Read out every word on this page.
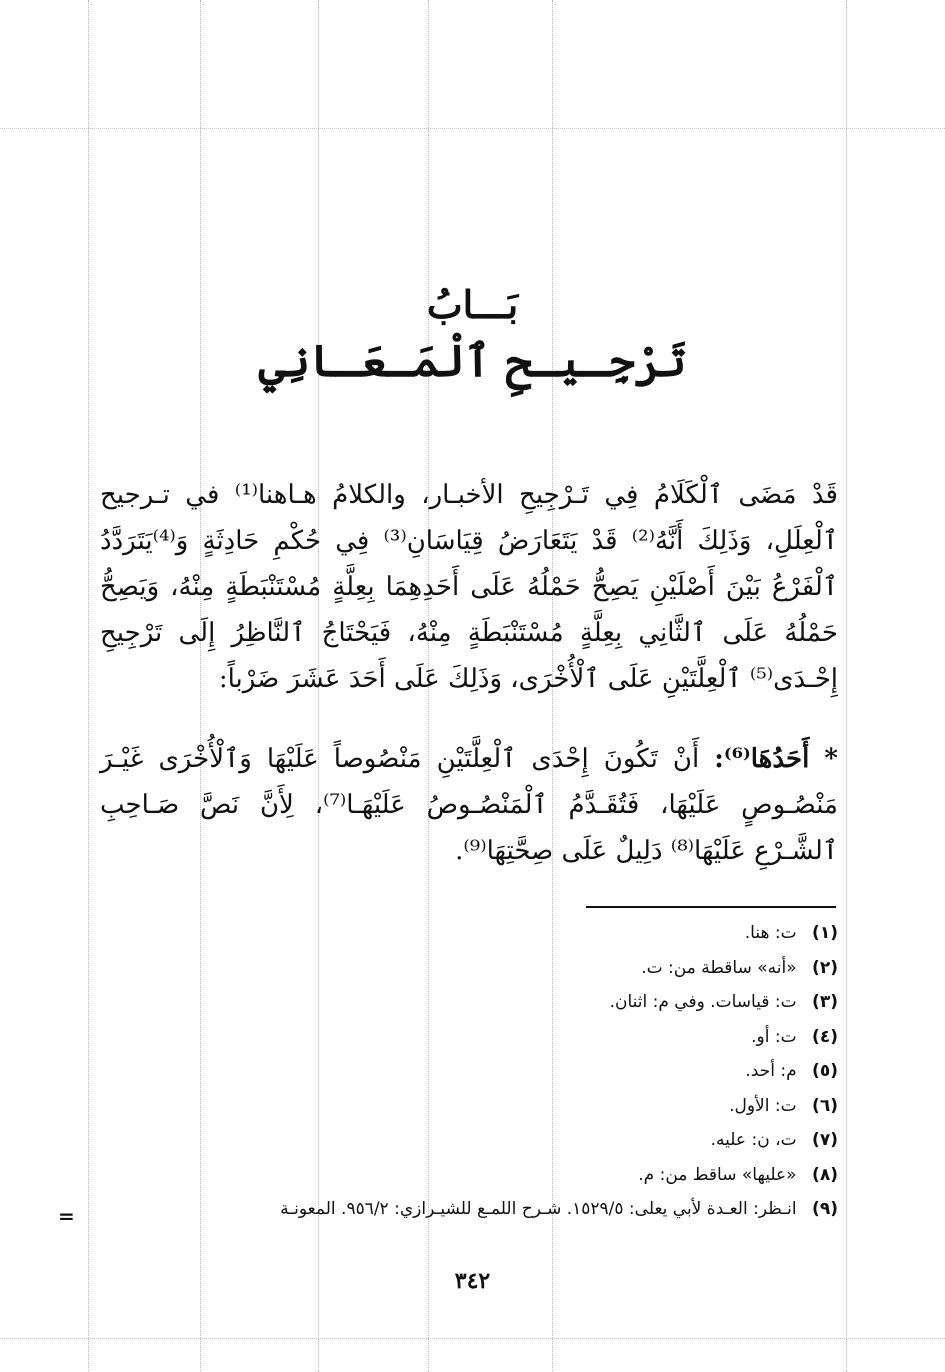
بَـــابُ
تَرْجِـيـحِ ٱلْمَـعَـانِي

قَدْ مَضَى ٱلْكَلَامُ فِي تَـرْجِيحِ الأخبـار، والكلامُ هـاهنا⁽¹⁾ في تـرجيح ٱلْعِلَلِ، وَذَلِكَ أَنَّهُ⁽²⁾ قَدْ يَتَعَارَضُ قِيَاسَانِ⁽³⁾ فِي حُكْمِ حَادِثَةٍ وَ⁽⁴⁾يَتَرَدَّدُ ٱلْفَرْعُ بَيْنَ أَصْلَيْنِ يَصِحُّ حَمْلُهُ عَلَى أَحَدِهِمَا بِعِلَّةٍ مُسْتَنْبَطَةٍ مِنْهُ، وَيَصِحُّ حَمْلُهُ عَلَى ٱلثَّانِي بِعِلَّةٍ مُسْتَنْبَطَةٍ مِنْهُ، فَيَحْتَاجُ ٱلنَّاظِرُ إِلَى تَرْجِيحِ إِحْـدَى⁽⁵⁾ ٱلْعِلَّتَيْنِ عَلَى ٱلْأُخْرَى، وَذَلِكَ عَلَى أَحَدَ عَشَرَ ضَرْباً:

* أَحَدُهَا⁽⁶⁾: أَنْ تَكُونَ إِحْدَى ٱلْعِلَّتَيْنِ مَنْصُوصاً عَلَيْهَا وَٱلْأُخْرَى غَيْـرَ مَنْصُـوصٍ عَلَيْهَا، فَتُقَـدَّمُ ٱلْمَنْصُـوصُ عَلَيْهَـا⁽⁷⁾، لِأَنَّ نَصَّ صَـاحِبِ ٱلشَّـرْعِ عَلَيْهَا⁽⁸⁾ دَلِيلٌ عَلَى صِحَّتِهَا⁽⁹⁾.

(١) ت: هنا.
(٢) «أنه» ساقطة من: ت.
(٣) ت: قياسات. وفي م: اثنان.
(٤) ت: أو.
(٥) م: أحد.
(٦) ت: الأول.
(٧) ت، ن: عليه.
(٨) «عليها» ساقط من: م.
(٩) انـظر: العـدة لأبي يعلى: ١٥٢٩/٥. شـرح اللمـع للشيـرازي: ٩٥٦/٢. المعونـة
=
٣٤٢
